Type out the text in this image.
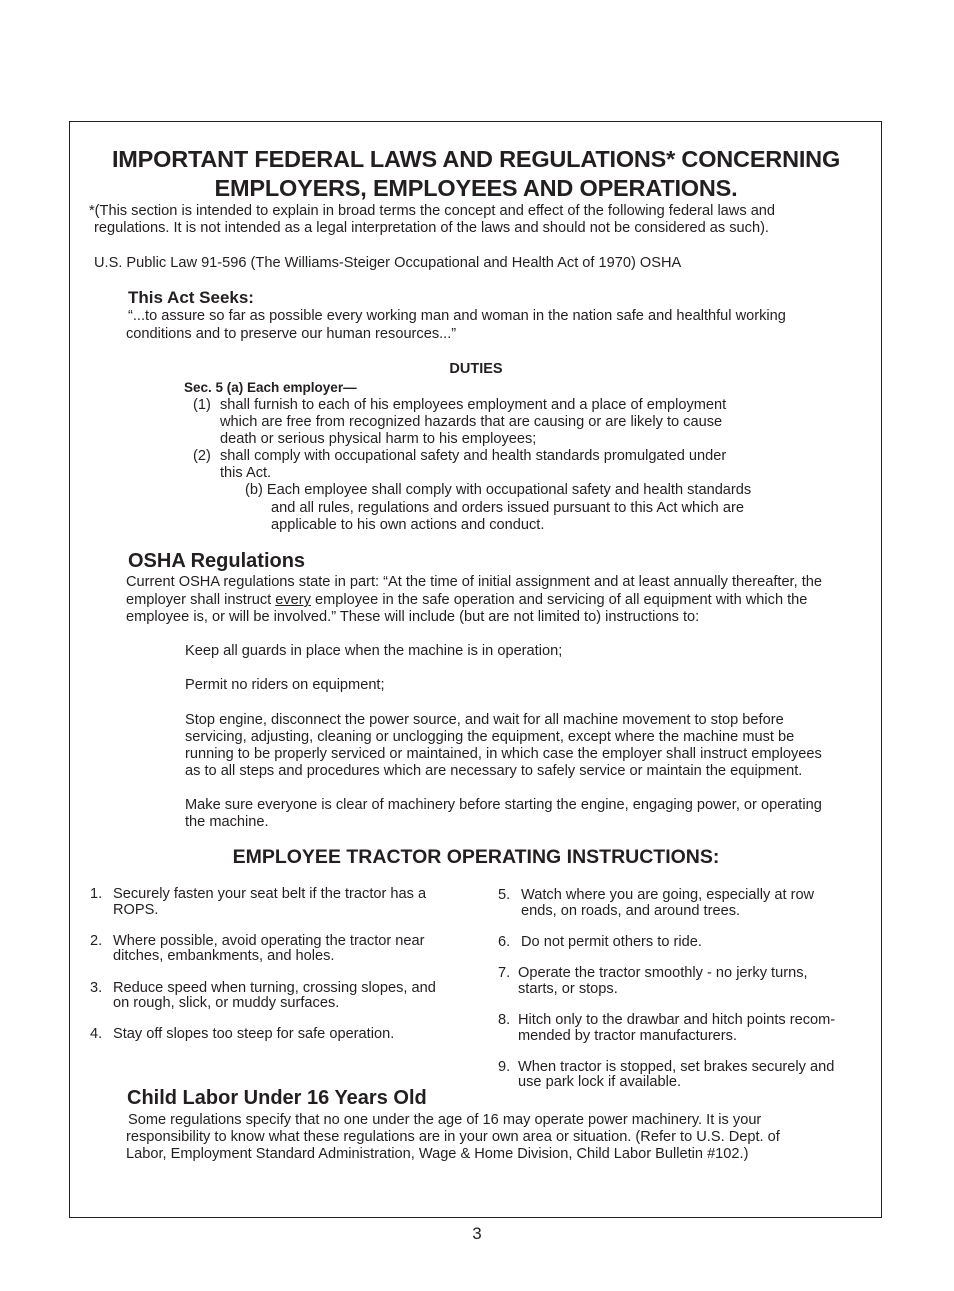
IMPORTANT FEDERAL LAWS AND REGULATIONS* CONCERNING
EMPLOYERS, EMPLOYEES AND OPERATIONS.
*(This section is intended to explain in broad terms the concept and effect of the following federal laws and
regulations. It is not intended as a legal interpretation of the laws and should not be considered as such).
U.S. Public Law 91-596 (The Williams-Steiger Occupational and Health Act of 1970) OSHA
This Act Seeks:
“...to assure so far as possible every working man and woman in the nation safe and healthful working
conditions and to preserve our human resources...”
DUTIES
Sec. 5 (a) Each employer—
(1) shall furnish to each of his employees employment and a place of employment
which are free from recognized hazards that are causing or are likely to cause
death or serious physical harm to his employees;
(2) shall comply with occupational safety and health standards promulgated under
this Act.
(b) Each employee shall comply with occupational safety and health standards
and all rules, regulations and orders issued pursuant to this Act which are
applicable to his own actions and conduct.
OSHA Regulations
Current OSHA regulations state in part: “At the time of initial assignment and at least annually thereafter, the
employer shall instruct every employee in the safe operation and servicing of all equipment with which the
employee is, or will be involved.” These will include (but are not limited to) instructions to:
Keep all guards in place when the machine is in operation;
Permit no riders on equipment;
Stop engine, disconnect the power source, and wait for all machine movement to stop before
servicing, adjusting, cleaning or unclogging the equipment, except where the machine must be
running to be properly serviced or maintained, in which case the employer shall instruct employees
as to all steps and procedures which are necessary to safely service or maintain the equipment.
Make sure everyone is clear of machinery before starting the engine, engaging power, or operating
the machine.
EMPLOYEE TRACTOR OPERATING INSTRUCTIONS:
1. Securely fasten your seat belt if the tractor has a
ROPS.
2. Where possible, avoid operating the tractor near
ditches, embankments, and holes.
3. Reduce speed when turning, crossing slopes, and
on rough, slick, or muddy surfaces.
4. Stay off slopes too steep for safe operation.
5. Watch where you are going, especially at row
ends, on roads, and around trees.
6. Do not permit others to ride.
7. Operate the tractor smoothly - no jerky turns,
starts, or stops.
8. Hitch only to the drawbar and hitch points recom-
mended by tractor manufacturers.
9. When tractor is stopped, set brakes securely and
use park lock if available.
Child Labor Under 16 Years Old
Some regulations specify that no one under the age of 16 may operate power machinery. It is your
responsibility to know what these regulations are in your own area or situation. (Refer to U.S. Dept. of
Labor, Employment Standard Administration, Wage & Home Division, Child Labor Bulletin #102.)
3
